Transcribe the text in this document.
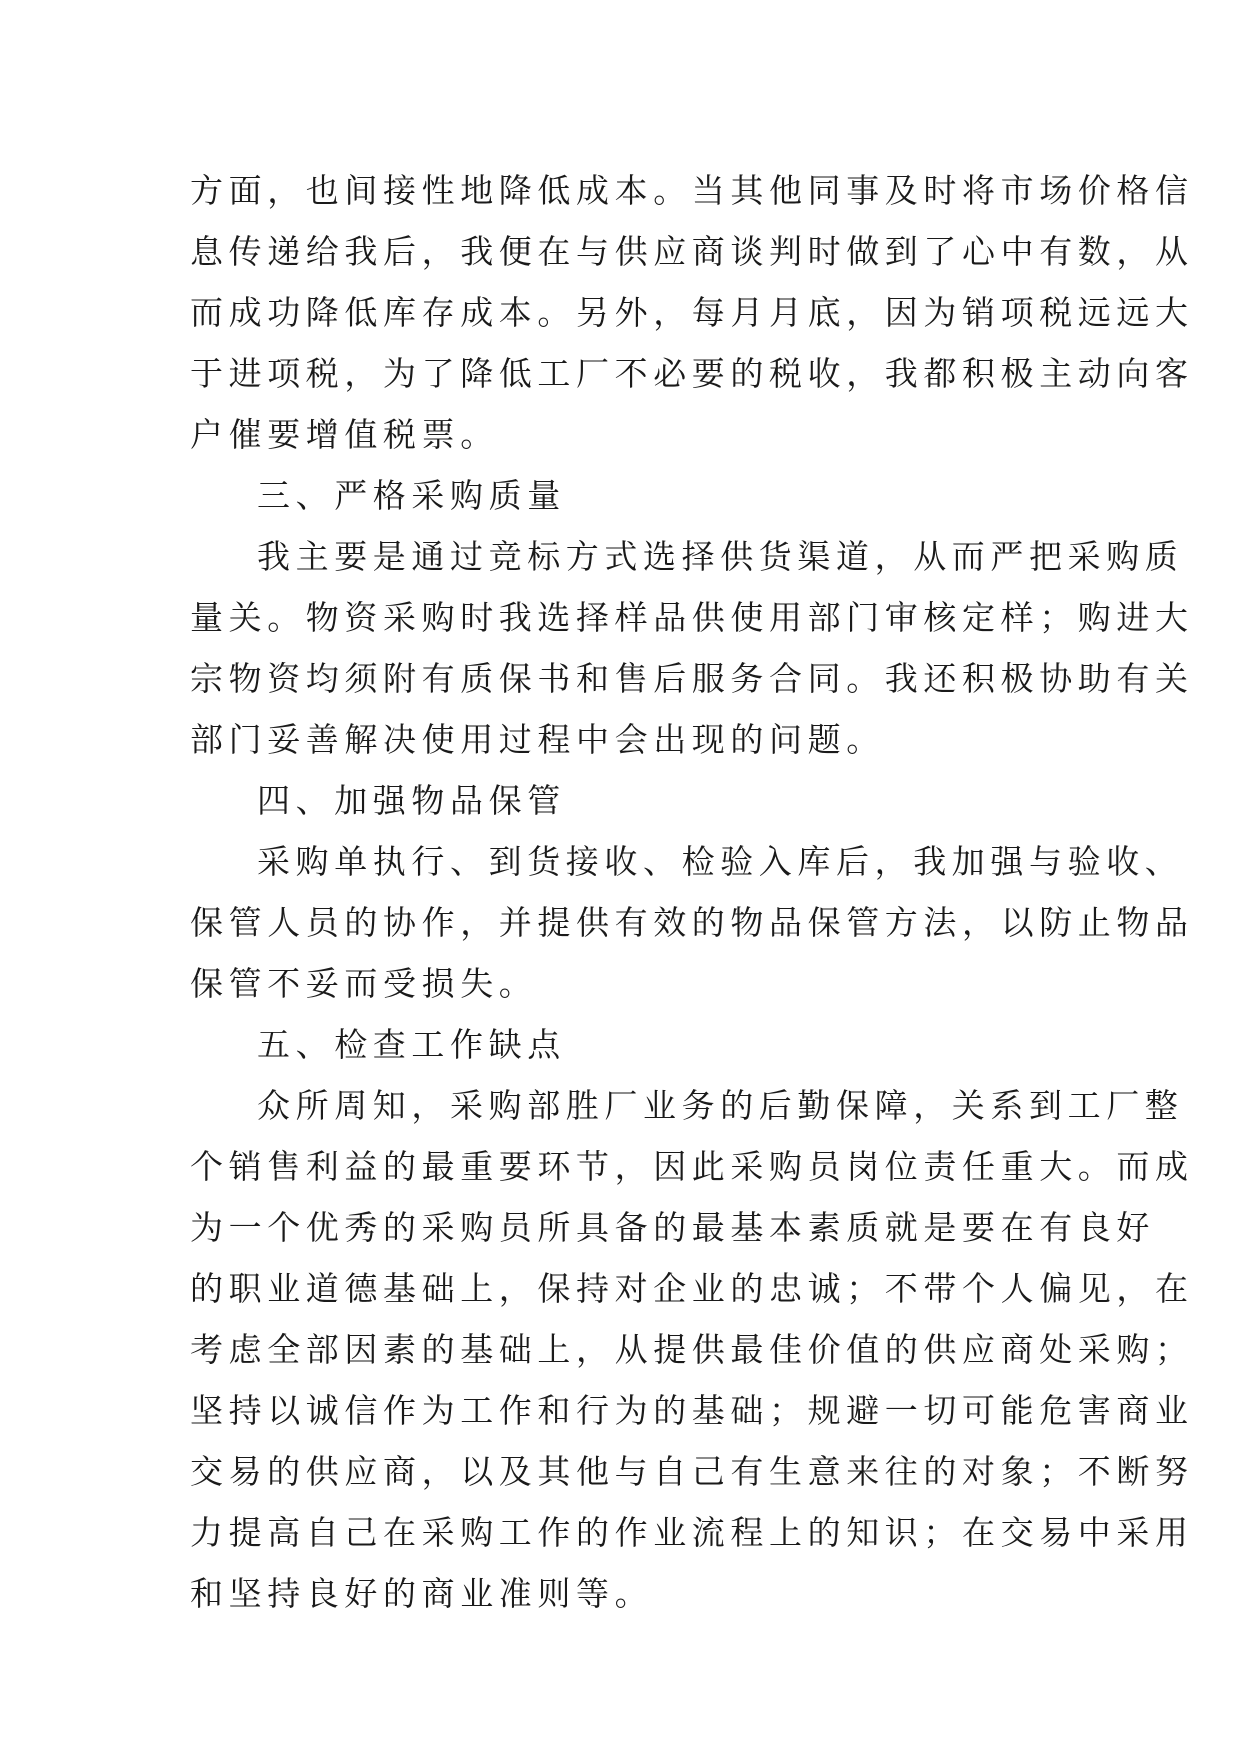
方面，也间接性地降低成本。当其他同事及时将市场价格信
息传递给我后，我便在与供应商谈判时做到了心中有数，从
而成功降低库存成本。另外，每月月底，因为销项税远远大
于进项税，为了降低工厂不必要的税收，我都积极主动向客
户催要增值税票。
三、严格采购质量
我主要是通过竞标方式选择供货渠道，从而严把采购质
量关。物资采购时我选择样品供使用部门审核定样；购进大
宗物资均须附有质保书和售后服务合同。我还积极协助有关
部门妥善解决使用过程中会出现的问题。
四、加强物品保管
采购单执行、到货接收、检验入库后，我加强与验收、
保管人员的协作，并提供有效的物品保管方法，以防止物品
保管不妥而受损失。
五、检查工作缺点
众所周知，采购部胜厂业务的后勤保障，关系到工厂整
个销售利益的最重要环节，因此采购员岗位责任重大。而成
为一个优秀的采购员所具备的最基本素质就是要在有良好
的职业道德基础上，保持对企业的忠诚；不带个人偏见，在
考虑全部因素的基础上，从提供最佳价值的供应商处采购；
坚持以诚信作为工作和行为的基础；规避一切可能危害商业
交易的供应商，以及其他与自己有生意来往的对象；不断努
力提高自己在采购工作的作业流程上的知识；在交易中采用
和坚持良好的商业准则等。
